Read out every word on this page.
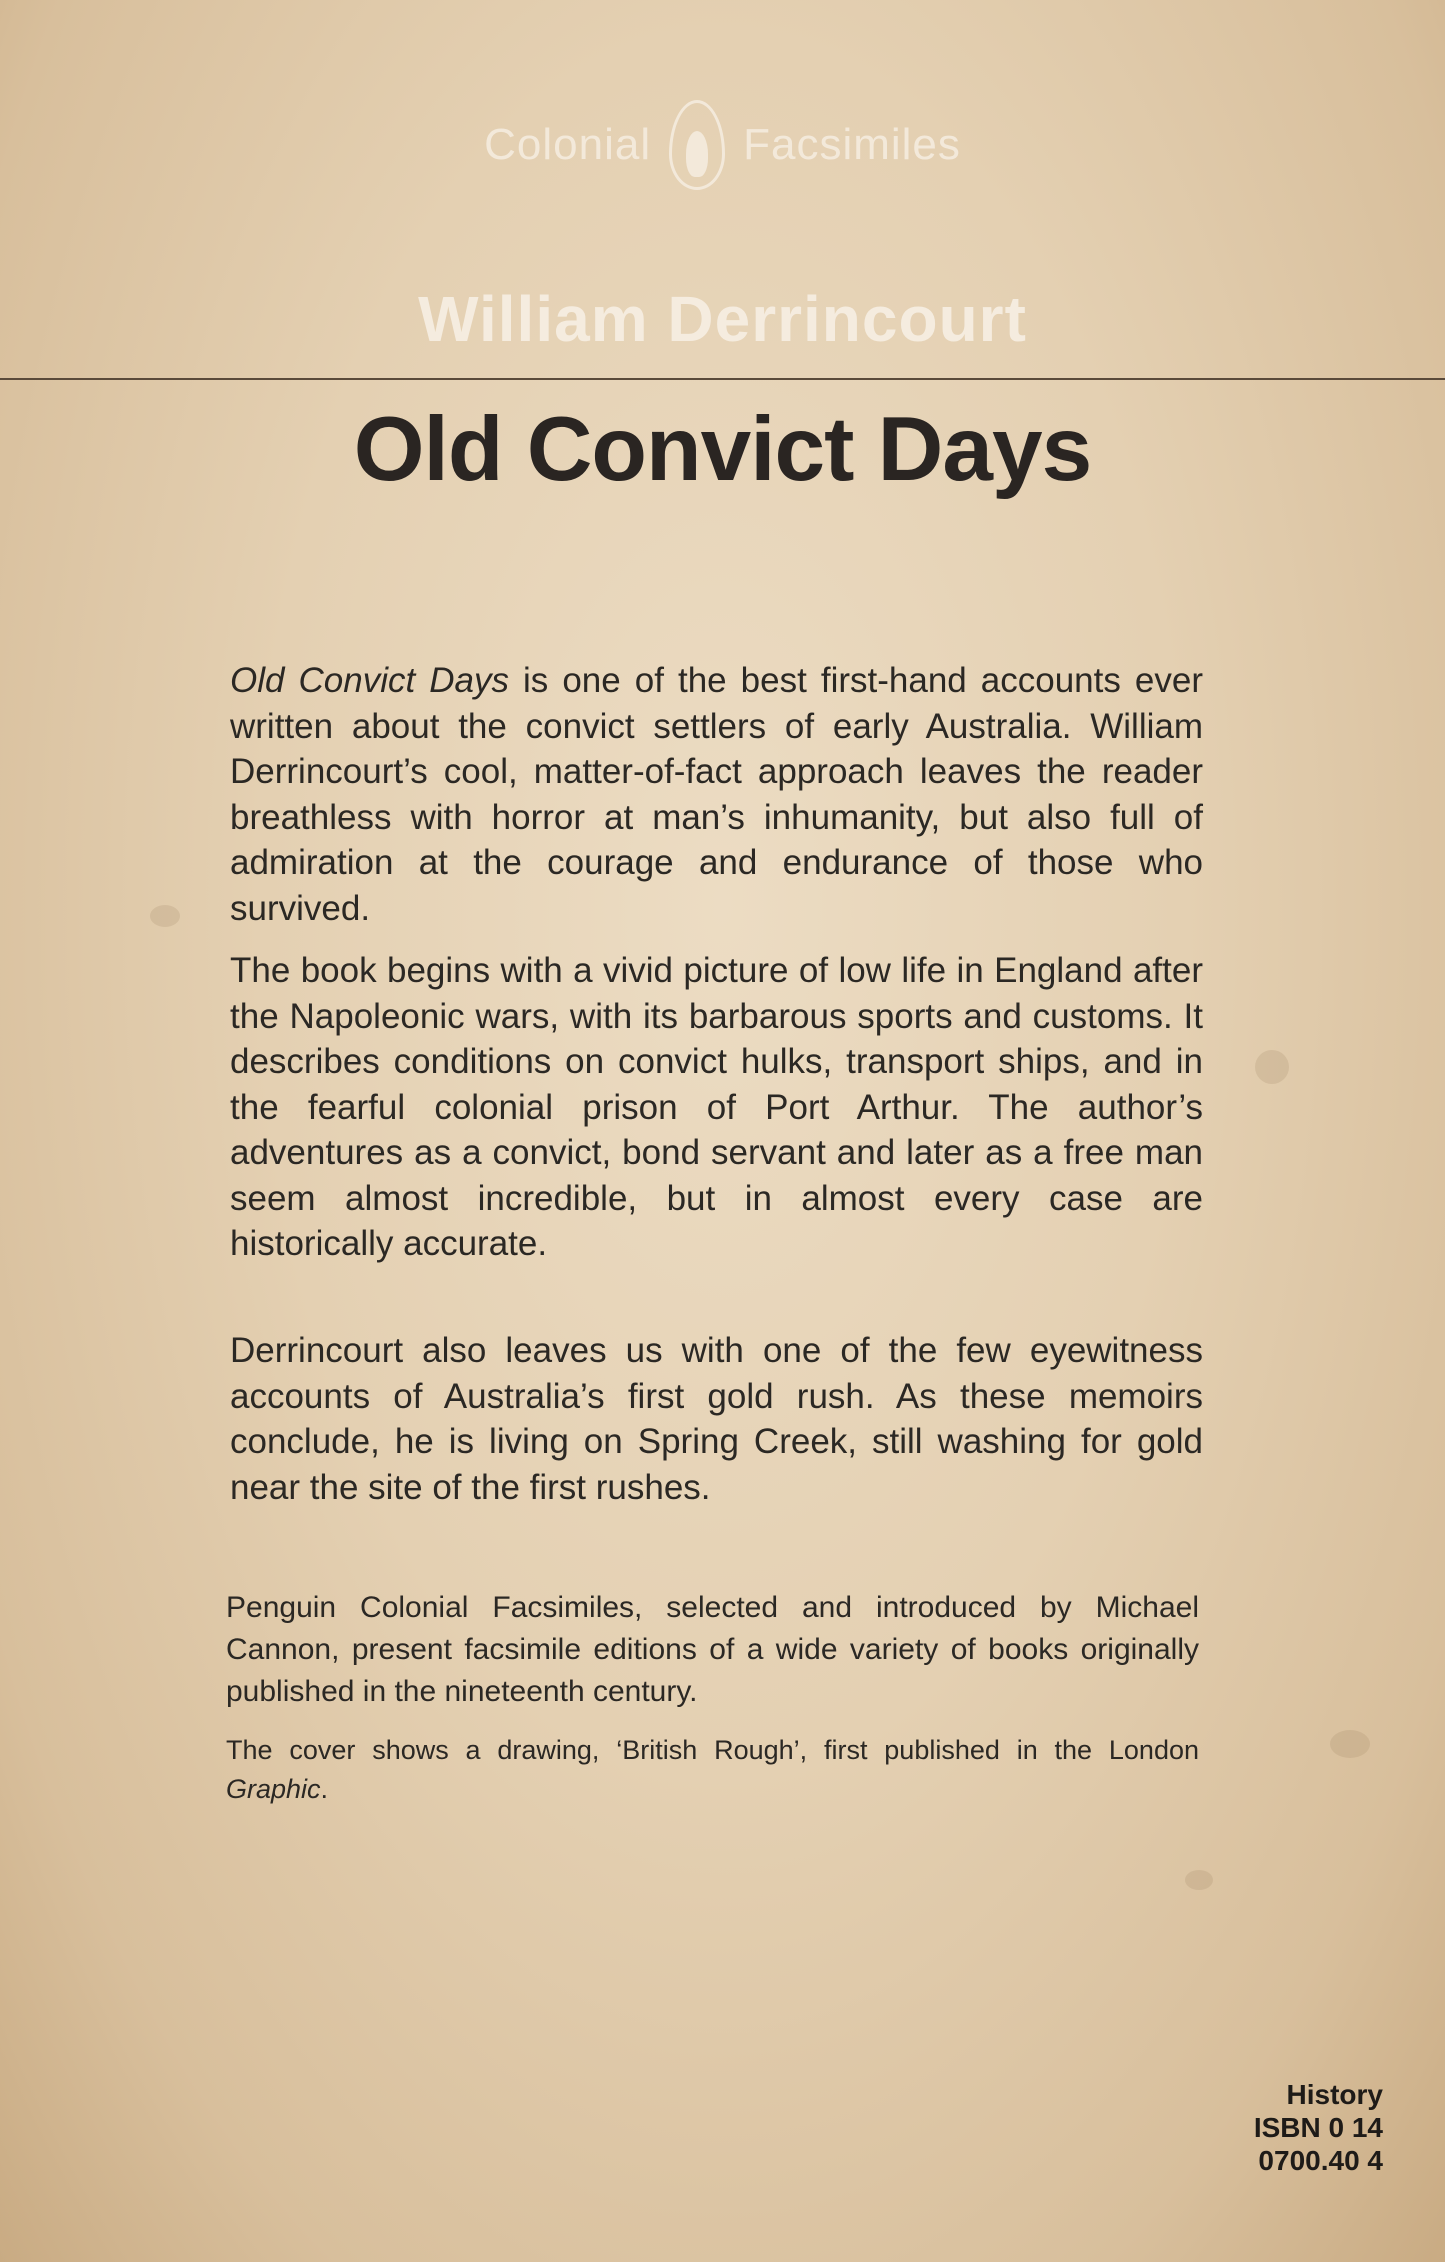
Colonial Facsimiles
William Derrincourt
Old Convict Days

Old Convict Days is one of the best first-hand accounts ever written about the convict settlers of early Australia. William Derrincourt’s cool, matter-of-fact approach leaves the reader breathless with horror at man’s inhumanity, but also full of admiration at the courage and endurance of those who survived.

The book begins with a vivid picture of low life in England after the Napoleonic wars, with its barbarous sports and customs. It describes conditions on convict hulks, transport ships, and in the fearful colonial prison of Port Arthur. The author’s adventures as a convict, bond servant and later as a free man seem almost incredible, but in almost every case are historically accurate.

Derrincourt also leaves us with one of the few eyewitness accounts of Australia’s first gold rush. As these memoirs conclude, he is living on Spring Creek, still washing for gold near the site of the first rushes.

Penguin Colonial Facsimiles, selected and introduced by Michael Cannon, present facsimile editions of a wide variety of books originally published in the nineteenth century.

The cover shows a drawing, ‘British Rough’, first published in the London Graphic.

History
ISBN 0 14
0700.40 4
